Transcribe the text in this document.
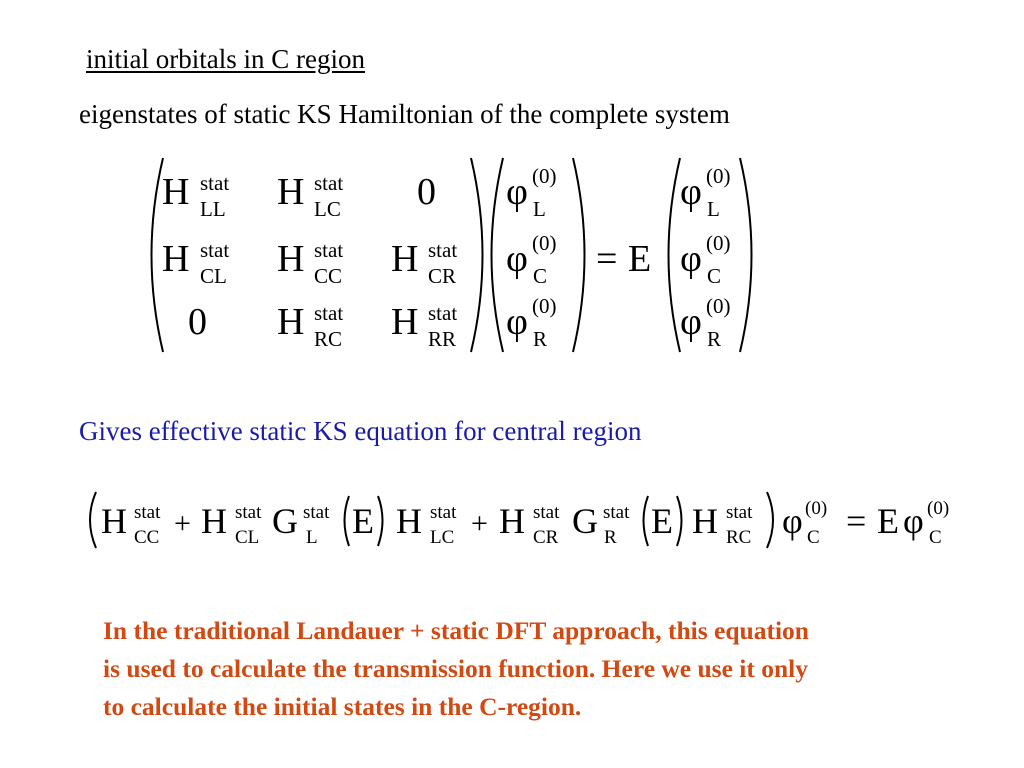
initial orbitals in C region
eigenstates of static KS Hamiltonian of the complete system
H stat
LL H stat
LC 0
H stat
CL H stat
CC H stat
CR
0 H stat
RC H stat
RR
φ (0)
L
φ (0)
C
φ (0)
R
= E
φ (0)
L
φ (0)
C
φ (0)
R
H stat
CC + H stat
CL G stat
L E H stat
LC + H stat
CR G stat
R E H stat
RC φ (0)
C = E φ (0)
C
Gives effective static KS equation for central region
In the traditional Landauer + static DFT approach, this equation
is used to calculate the transmission function. Here we use it only
to calculate the initial states in the C-region.
